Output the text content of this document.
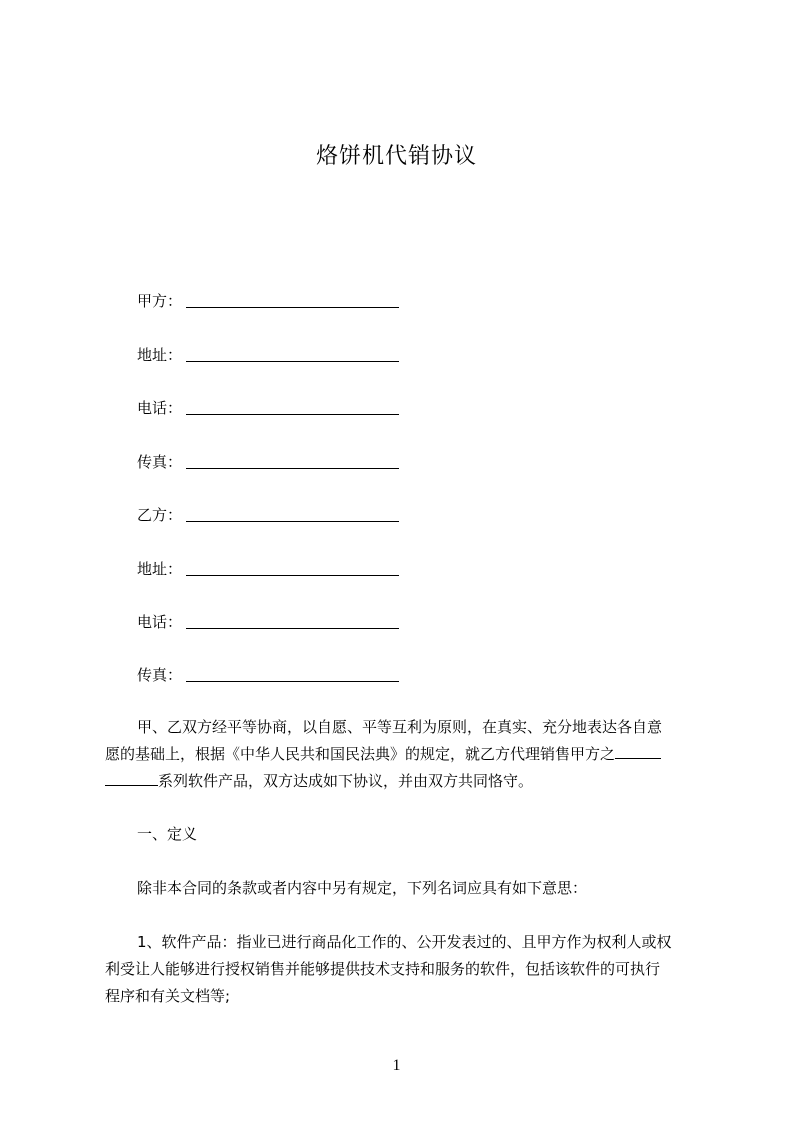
烙饼机代销协议
甲方：
地址：
电话：
传真：
乙方：
地址：
电话：
传真：
甲、乙双方经平等协商，以自愿、平等互利为原则，在真实、充分地表达各自意
愿的基础上，根据《中华人民共和国民法典》的规定，就乙方代理销售甲方之
系列软件产品，双方达成如下协议，并由双方共同恪守。
一、定义
除非本合同的条款或者内容中另有规定，下列名词应具有如下意思：
1、软件产品：指业已进行商品化工作的、公开发表过的、且甲方作为权利人或权
利受让人能够进行授权销售并能够提供技术支持和服务的软件，包括该软件的可执行
程序和有关文档等;
1
